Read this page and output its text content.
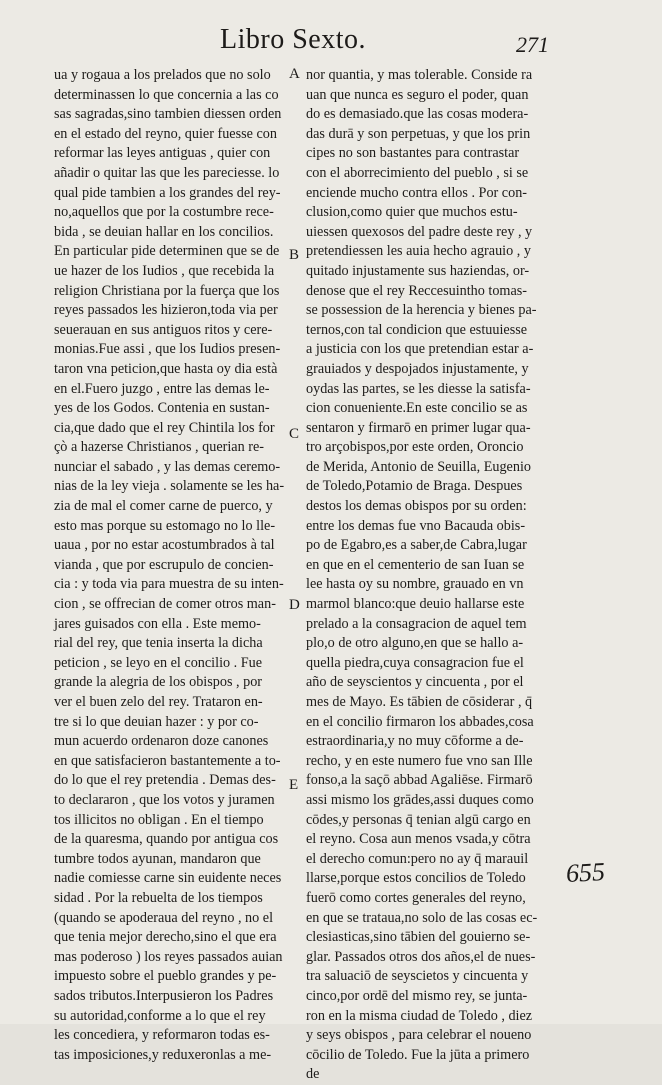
Libro Sexto.	271
ua y rogaua a los prelados que no solo
determinassen lo que concernia a las co
sas sagradas,sino tambien diessen orden
en el estado del reyno, quier fuesse con
reformar las leyes antiguas , quier con
añadir o quitar las que les pareciesse. lo
qual pide tambien a los grandes del rey-
no,aquellos que por la costumbre rece-
bida , se deuian hallar en los concilios.
En particular pide determinen que se de
ue hazer de los Iudios , que recebida la
religion Christiana por la fuerça que los
reyes passados les hizieron,toda via per
seuerauan en sus antiguos ritos y cere-
monias.Fue assi , que los Iudios presen-
taron vna peticion,que hasta oy dia està
en el.Fuero juzgo , entre las demas le-
yes de los Godos. Contenia en sustan-
cia,que dado que el rey Chintila los for
çò a hazerse Christianos , querian re-
nunciar el sabado , y las demas ceremo-
nias de la ley vieja . solamente se les ha-
zia de mal el comer carne de puerco, y
esto mas porque su estomago no lo lle-
uaua , por no estar acostumbrados à tal
vianda , que por escrupulo de concien-
cia : y toda via para muestra de su inten-
cion , se offrecian de comer otros man-
jares guisados con ella . Este memo-
rial del rey, que tenia inserta la dicha
peticion , se leyo en el concilio . Fue
grande la alegria de los obispos , por
ver el buen zelo del rey. Trataron en-
tre si lo que deuian hazer : y por co-
mun acuerdo ordenaron doze canones
en que satisfacieron bastantemente a to-
do lo que el rey pretendia . Demas des-
to declararon , que los votos y juramen
tos illicitos no obligan . En el tiempo
de la quaresma, quando por antigua cos
tumbre todos ayunan, mandaron que
nadie comiesse carne sin euidente neces
sidad . Por la rebuelta de los tiempos
(quando se apoderaua del reyno , no el
que tenia mejor derecho,sino el que era
mas poderoso ) los reyes passados auian
impuesto sobre el pueblo grandes y pe-
sados tributos.Interpusieron los Padres
su autoridad,conforme a lo que el rey
les concediera, y reformaron todas es-
tas imposiciones,y reduxeronlas a me-
A
B
C
D
E
nor quantia, y mas tolerable. Conside ra
uan que nunca es seguro el poder, quan
do es demasiado.que las cosas modera-
das durā y son perpetuas, y que los prin
cipes no son bastantes para contrastar
con el aborrecimiento del pueblo , si se
enciende mucho contra ellos . Por con-
clusion,como quier que muchos estu-
uiessen quexosos del padre deste rey , y
pretendiessen les auia hecho agrauio , y
quitado injustamente sus haziendas, or-
denose que el rey Reccesuintho tomas-
se possession de la herencia y bienes pa-
ternos,con tal condicion que estuuiesse
a justicia con los que pretendian estar a-
grauiados y despojados injustamente, y
oydas las partes, se les diesse la satisfa-
cion conueniente.En este concilio se as
sentaron y firmarō en primer lugar qua-
tro arçobispos,por este orden, Oroncio
de Merida, Antonio de Seuilla, Eugenio
de Toledo,Potamio de Braga. Despues
destos los demas obispos por su orden:
entre los demas fue vno Bacauda obis-
po de Egabro,es a saber,de Cabra,lugar
en que en el cementerio de san Iuan se
lee hasta oy su nombre, grauado en vn
marmol blanco:que deuio hallarse este
prelado a la consagracion de aquel tem
plo,o de otro alguno,en que se hallo a-
quella piedra,cuya consagracion fue el
año de seyscientos y cincuenta , por el
mes de Mayo. Es tābien de cōsiderar , q̄
en el concilio firmaron los abbades,cosa
estraordinaria,y no muy cōforme a de-
recho, y en este numero fue vno san Ille
fonso,a la saçō abbad Agaliēse. Firmarō
assi mismo los grādes,assi duques como
cōdes,y personas q̄ tenian algū cargo en
el reyno. Cosa aun menos vsada,y cōtra
el derecho comun:pero no ay q̄ marauil
llarse,porque estos concilios de Toledo
fuerō como cortes generales del reyno,
en que se trataua,no solo de las cosas ec-
clesiasticas,sino tābien del gouierno se-
glar. Passados otros dos años,el de nues-
tra saluaciō de seyscietos y cincuenta y
cinco,por ordē del mismo rey, se junta-
ron en la misma ciudad de Toledo , diez
y seys obispos , para celebrar el noueno
cōcilio de Toledo. Fue la jūta a primero
de
655
